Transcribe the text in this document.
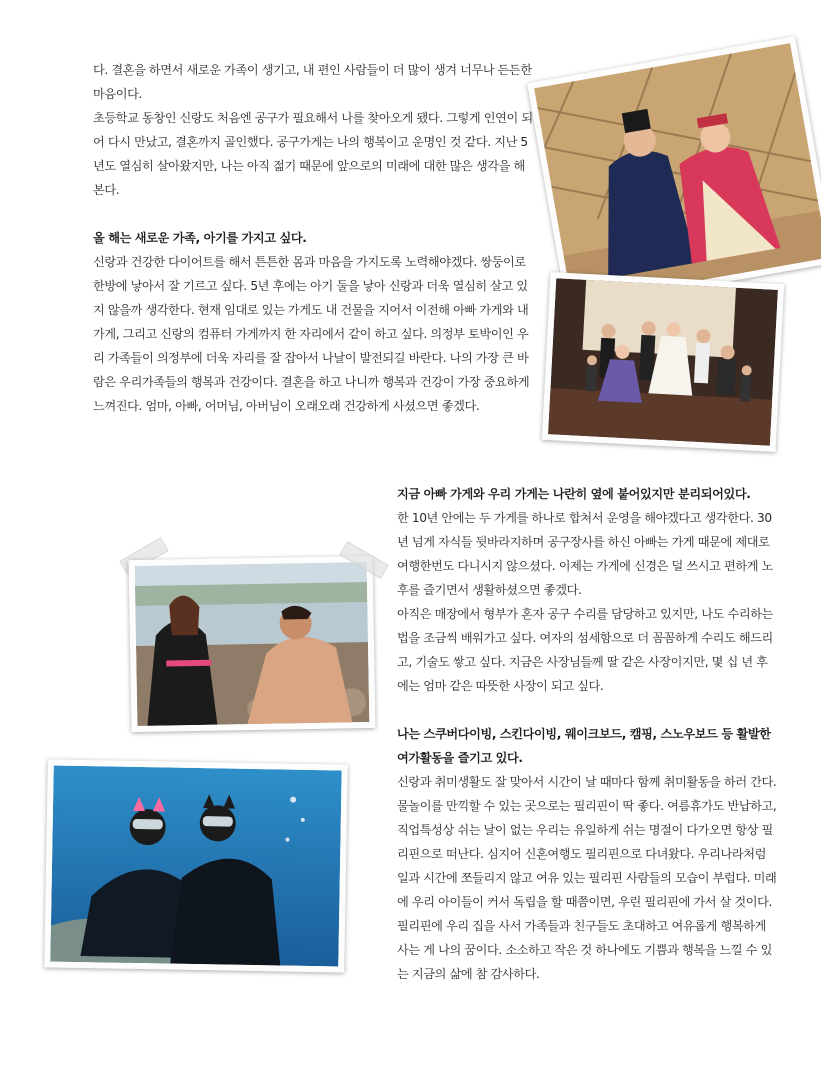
다. 결혼을 하면서 새로운 가족이 생기고, 내 편인 사람들이 더 많이 생겨 너무나 든든한 마음이다.

초등학교 동창인 신랑도 처음엔 공구가 필요해서 나를 찾아오게 됐다. 그렇게 인연이 되어 다시 만났고, 결혼까지 골인했다. 공구가게는 나의 행복이고 운명인 것 같다. 지난 5년도 열심히 살아왔지만, 나는 아직 젊기 때문에 앞으로의 미래에 대한 많은 생각을 해 본다.

올 해는 새로운 가족, 아기를 가지고 싶다.

신랑과 건강한 다이어트를 해서 튼튼한 몸과 마음을 가지도록 노력해야겠다. 쌍둥이로 한방에 낳아서 잘 기르고 싶다. 5년 후에는 아기 둘을 낳아 신랑과 더욱 열심히 살고 있지 않을까 생각한다. 현재 임대로 있는 가게도 내 건물을 지어서 이전해 아빠 가게와 내 가게, 그리고 신랑의 컴퓨터 가게까지 한 자리에서 같이 하고 싶다. 의정부 토박이인 우리 가족들이 의정부에 더욱 자리를 잘 잡아서 나날이 발전되길 바란다. 나의 가장 큰 바람은 우리가족들의 행복과 건강이다. 결혼을 하고 나니까 행복과 건강이 가장 중요하게 느껴진다. 엄마, 아빠, 어머님, 아버님이 오래오래 건강하게 사셨으면 좋겠다.

지금 아빠 가게와 우리 가게는 나란히 옆에 붙어있지만 분리되어있다.

한 10년 안에는 두 가게를 하나로 합쳐서 운영을 해야겠다고 생각한다. 30년 넘게 자식들 뒷바라지하며 공구장사를 하신 아빠는 가게 때문에 제대로 여행한번도 다니시지 않으셨다. 이제는 가게에 신경은 덜 쓰시고 편하게 노후를 즐기면서 생활하셨으면 좋겠다.

아직은 매장에서 형부가 혼자 공구 수리를 담당하고 있지만, 나도 수리하는 법을 조금씩 배워가고 싶다. 여자의 섬세함으로 더 꼼꼼하게 수리도 해드리고, 기술도 쌓고 싶다. 지금은 사장님들께 딸 같은 사장이지만, 몇 십 년 후에는 엄마 같은 따뜻한 사장이 되고 싶다.

나는 스쿠버다이빙, 스킨다이빙, 웨이크보드, 캠핑, 스노우보드 등 활발한 여가활동을 즐기고 있다.

신랑과 취미생활도 잘 맞아서 시간이 날 때마다 함께 취미활동을 하러 간다. 물놀이를 만끽할 수 있는 곳으로는 필리핀이 딱 좋다. 여름휴가도 반납하고, 직업특성상 쉬는 날이 없는 우리는 유일하게 쉬는 명절이 다가오면 항상 필리핀으로 떠난다. 심지어 신혼여행도 필리핀으로 다녀왔다. 우리나라처럼 일과 시간에 쪼들리지 않고 여유 있는 필리핀 사람들의 모습이 부럽다. 미래에 우리 아이들이 커서 독립을 할 때쯤이면, 우린 필리핀에 가서 살 것이다. 필리핀에 우리 집을 사서 가족들과 친구들도 초대하고 여유롭게 행복하게 사는 게 나의 꿈이다. 소소하고 작은 것 하나에도 기쁨과 행복을 느낄 수 있는 지금의 삶에 참 감사하다.
